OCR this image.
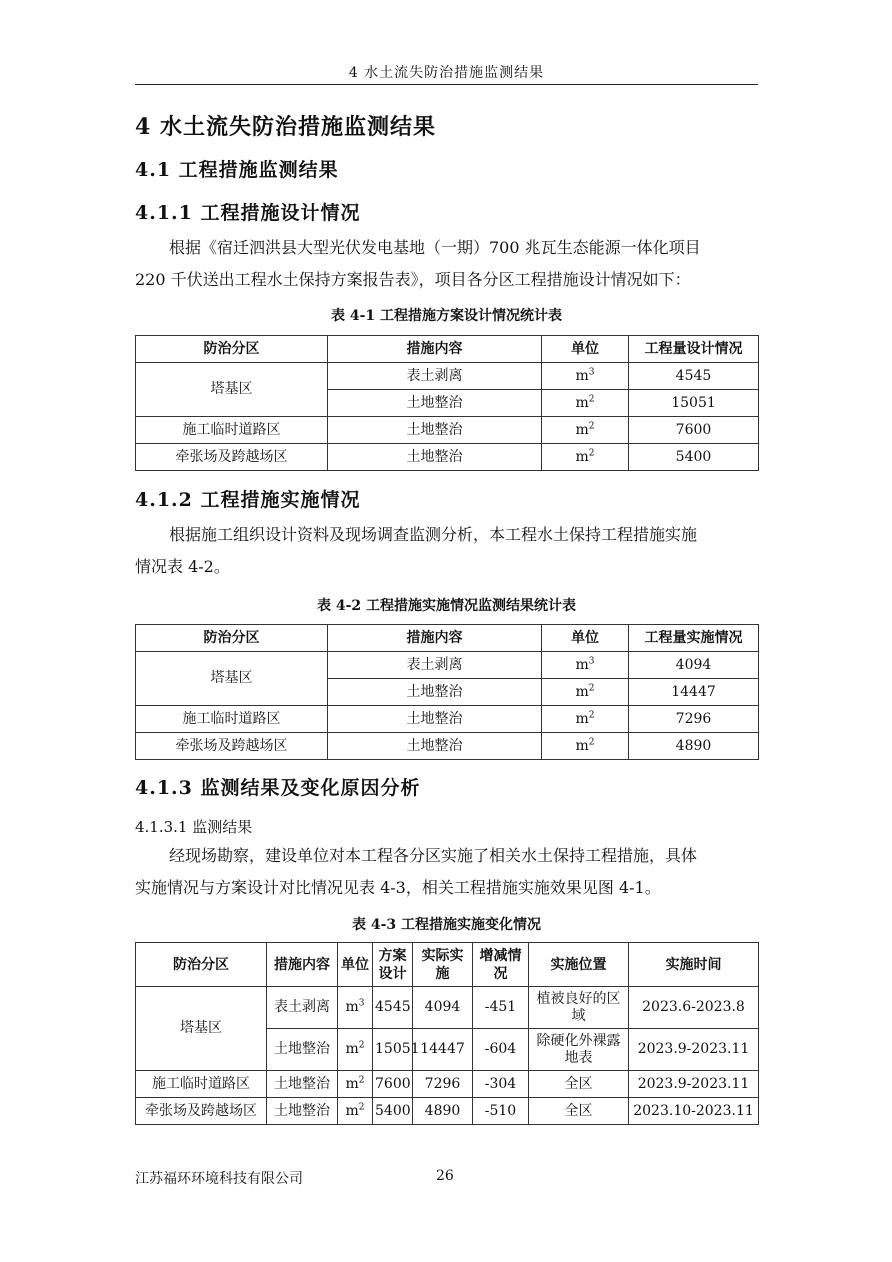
4 水土流失防治措施监测结果
4 水土流失防治措施监测结果
4.1 工程措施监测结果
4.1.1 工程措施设计情况
根据《宿迁泗洪县大型光伏发电基地（一期）700 兆瓦生态能源一体化项目
220 千伏送出工程水土保持方案报告表》，项目各分区工程措施设计情况如下：
表 4-1 工程措施方案设计情况统计表
防治分区	措施内容	单位	工程量设计情况
塔基区	表土剥离	$m^3$	4545
	土地整治	$m^2$	15051
施工临时道路区	土地整治	$m^2$	7600
牵张场及跨越场区	土地整治	$m^2$	5400
4.1.2 工程措施实施情况
根据施工组织设计资料及现场调查监测分析，本工程水土保持工程措施实施
情况表 4-2。
表 4-2 工程措施实施情况监测结果统计表
防治分区	措施内容	单位	工程量实施情况
塔基区	表土剥离	$m^3$	4094
	土地整治	$m^2$	14447
施工临时道路区	土地整治	$m^2$	7296
牵张场及跨越场区	土地整治	$m^2$	4890
4.1.3 监测结果及变化原因分析
4.1.3.1 监测结果
经现场勘察，建设单位对本工程各分区实施了相关水土保持工程措施，具体
实施情况与方案设计对比情况见表 4-3，相关工程措施实施效果见图 4-1。
表 4-3 工程措施实施变化情况
防治分区	措施内容	单位	方案设计	实际实施	增减情况	实施位置	实施时间
塔基区	表土剥离	$m^3$	4545	4094	-451	植被良好的区域	2023.6-2023.8
	土地整治	$m^2$	15051	14447	-604	除硬化外裸露地表	2023.9-2023.11
施工临时道路区	土地整治	$m^2$	7600	7296	-304	全区	2023.9-2023.11
牵张场及跨越场区	土地整治	$m^2$	5400	4890	-510	全区	2023.10-2023.11
江苏福环环境科技有限公司	26
